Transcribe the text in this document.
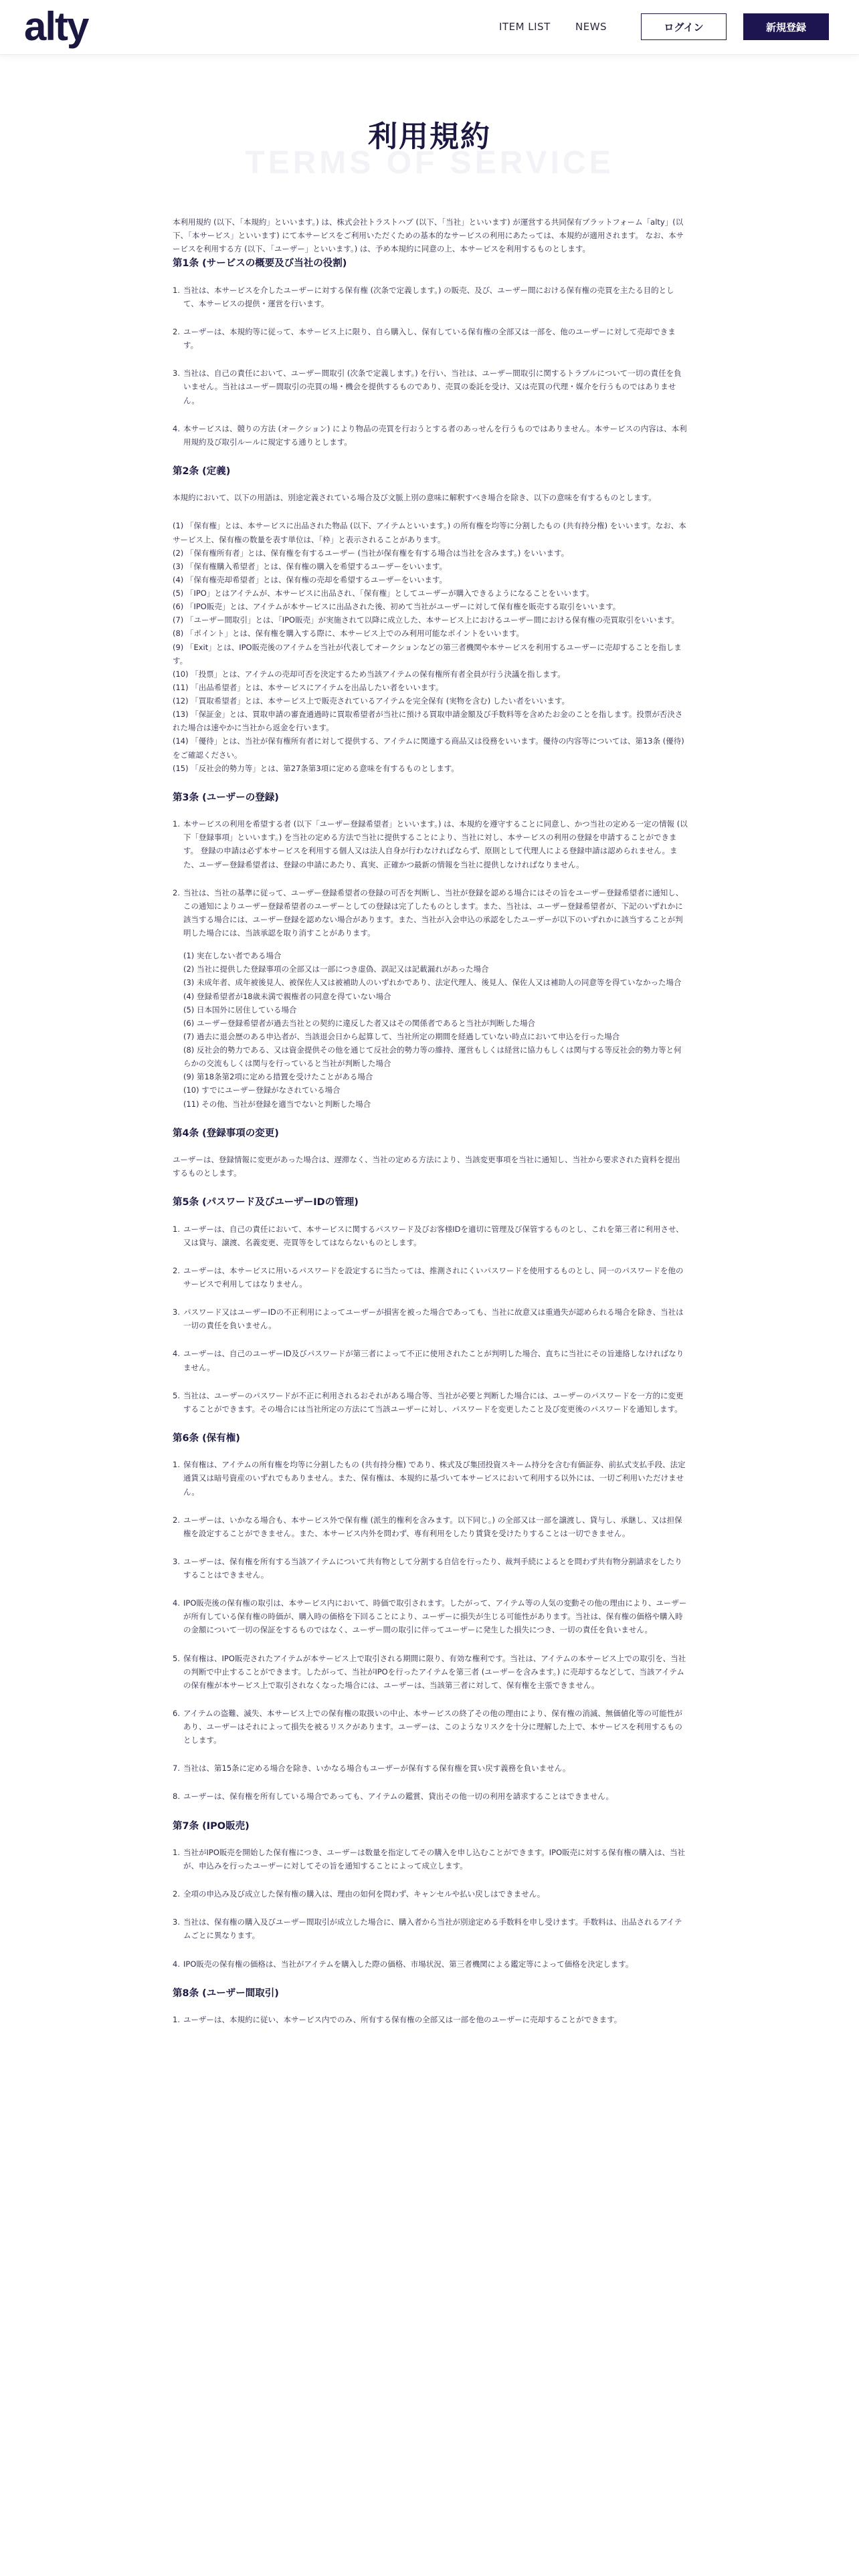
alty	ITEM LIST NEWS	ログイン	新規登録
TERMS OF SERVICE
利用規約

本利用規約 (以下、「本規約」といいます。) は、株式会社トラストハブ (以下、「当社」といいます) が運営する共同保有プラットフォーム「alty」(以下、「本サービス」といいます) にて本サービスをご利用いただくための基本的なサービスの利用にあたっては、本規約が適用されます。 なお、本サービスを利用する方 (以下、「ユーザー」といいます。) は、予め本規約に同意の上、本サービスを利用するものとします。

第1条 (サービスの概要及び当社の役割)
1. 当社は、本サービスを介したユーザーに対する保有権 (次条で定義します。) の販売、及び、ユーザー間における保有権の売買を主たる目的として、本サービスの提供・運営を行います。

2. ユーザーは、本規約等に従って、本サービス上に限り、自ら購入し、保有している保有権の全部又は一部を、他のユーザーに対して売却できます。

3. 当社は、自己の責任において、ユーザー間取引 (次条で定義します。) を行い、当社は、ユーザー間取引に関するトラブルについて一切の責任を負いません。当社はユーザー間取引の売買の場・機会を提供するものであり、売買の委託を受け、又は売買の代理・媒介を行うものではありません。

4. 本サービスは、競りの方法 (オークション) により物品の売買を行おうとする者のあっせんを行うものではありません。本サービスの内容は、本利用規約及び取引ルールに規定する通りとします。

第2条 (定義)

本規約において、以下の用語は、別途定義されている場合及び文脈上別の意味に解釈すべき場合を除き、以下の意味を有するものとします。

(1) 「保有権」とは、本サービスに出品された物品 (以下、アイテムといいます。) の所有権を均等に分割したもの (共有持分権) をいいます。なお、本サービス上、保有権の数量を表す単位は、「枠」と表示されることがあります。

(2) 「保有権所有者」とは、保有権を有するユーザー (当社が保有権を有する場合は当社を含みます。) をいいます。

(3) 「保有権購入希望者」とは、保有権の購入を希望するユーザーをいいます。

(4) 「保有権売却希望者」とは、保有権の売却を希望するユーザーをいいます。

(5) 「IPO」とはアイテムが、本サービスに出品され、「保有権」としてユーザーが購入できるようになることをいいます。

(6) 「IPO販売」とは、アイテムが本サービスに出品された後、初めて当社がユーザーに対して保有権を販売する取引をいいます。

(7) 「ユーザー間取引」とは、「IPO販売」が実施されて以降に成立した、本サービス上におけるユーザー間における保有権の売買取引をいいます。

(8) 「ポイント」とは、保有権を購入する際に、本サービス上でのみ利用可能なポイントをいいます。

(9) 「Exit」とは、IPO販売後のアイテムを当社が代表してオークションなどの第三者機関や本サービスを利用するユーザーに売却することを指します。

(10) 「投票」とは、アイテムの売却可否を決定するため当該アイテムの保有権所有者全員が行う決議を指します。

(11) 「出品希望者」とは、本サービスにアイテムを出品したい者をいいます。

(12) 「買取希望者」とは、本サービス上で販売されているアイテムを完全保有 (実物を含む) したい者をいいます。

(13) 「保証金」とは、買取申請の審査通過時に買取希望者が当社に預ける買取申請金額及び手数料等を含めたお金のことを指します。投票が否決された場合は速やかに当社から返金を行います。

(14) 「優待」とは、当社が保有権所有者に対して提供する、アイテムに関連する商品又は役務をいいます。優待の内容等については、第13条 (優待) をご確認ください。

(15) 「反社会的勢力等」とは、第27条第3項に定める意味を有するものとします。

第3条 (ユーザーの登録)
1. 本サービスの利用を希望する者 (以下「ユーザー登録希望者」といいます。) は、本規約を遵守することに同意し、かつ当社の定める一定の情報 (以下「登録事項」といいます。) を当社の定める方法で当社に提供することにより、当社に対し、本サービスの利用の登録を申請することができます。 登録の申請は必ず本サービスを利用する個人又は法人自身が行わなければならず、原則として代理人による登録申請は認められません。また、ユーザー登録希望者は、登録の申請にあたり、真実、正確かつ最新の情報を当社に提供しなければなりません。

2. 当社は、当社の基準に従って、ユーザー登録希望者の登録の可否を判断し、当社が登録を認める場合にはその旨をユーザー登録希望者に通知し、この通知によりユーザー登録希望者のユーザーとしての登録は完了したものとします。また、当社は、ユーザー登録希望者が、下記のいずれかに該当する場合には、ユーザー登録を認めない場合があります。また、当社が入会申込の承認をしたユーザーが以下のいずれかに該当することが判明した場合には、当該承認を取り消すことがあります。

(1) 実在しない者である場合

(2) 当社に提供した登録事項の全部又は一部につき虚偽、誤記又は記載漏れがあった場合

(3) 未成年者、成年被後見人、被保佐人又は被補助人のいずれかであり、法定代理人、後見人、保佐人又は補助人の同意等を得ていなかった場合

(4) 登録希望者が18歳未満で親権者の同意を得ていない場合

(5) 日本国外に居住している場合

(6) ユーザー登録希望者が過去当社との契約に違反した者又はその関係者であると当社が判断した場合

(7) 過去に退会歴のある申込者が、当該退会日から起算して、当社所定の期間を経過していない時点において申込を行った場合

(8) 反社会的勢力である、又は資金提供その他を通じて反社会的勢力等の維持、運営もしくは経営に協力もしくは関与する等反社会的勢力等と何らかの交流もしくは関与を行っていると当社が判断した場合

(9) 第18条第2項に定める措置を受けたことがある場合

(10) すでにユーザー登録がなされている場合

(11) その他、当社が登録を適当でないと判断した場合

第4条 (登録事項の変更)

ユーザーは、登録情報に変更があった場合は、遅滞なく、当社の定める方法により、当該変更事項を当社に通知し、当社から要求された資料を提出するものとします。

第5条 (パスワード及びユーザーIDの管理)
1. ユーザーは、自己の責任において、本サービスに関するパスワード及びお客様IDを適切に管理及び保管するものとし、これを第三者に利用させ、又は貸与、譲渡、名義変更、売買等をしてはならないものとします。

2. ユーザーは、本サービスに用いるパスワードを設定するに当たっては、推測されにくいパスワードを使用するものとし、同一のパスワードを他のサービスで利用してはなりません。

3. パスワード又はユーザーIDの不正利用によってユーザーが損害を被った場合であっても、当社に故意又は重過失が認められる場合を除き、当社は一切の責任を負いません。

4. ユーザーは、自己のユーザーID及びパスワードが第三者によって不正に使用されたことが判明した場合、直ちに当社にその旨連絡しなければなりません。

5. 当社は、ユーザーのパスワードが不正に利用されるおそれがある場合等、当社が必要と判断した場合には、ユーザーのパスワードを一方的に変更することができます。その場合には当社所定の方法にて当該ユーザーに対し、パスワードを変更したこと及び変更後のパスワードを通知します。

第6条 (保有権)
1. 保有権は、アイテムの所有権を均等に分割したもの (共有持分権) であり、株式及び集団投資スキーム持分を含む有価証券、前払式支払手段、法定通貨又は暗号資産のいずれでもありません。また、保有権は、本規約に基づいて本サービスにおいて利用する以外には、一切ご利用いただけません。

2. ユーザーは、いかなる場合も、本サービス外で保有権 (派生的権利を含みます。以下同じ。) の全部又は一部を譲渡し、貸与し、承継し、又は担保権を設定することができません。また、本サービス内外を問わず、専有利用をしたり賃貸を受けたりすることは一切できません。

3. ユーザーは、保有権を所有する当該アイテムについて共有物として分割する自信を行ったり、裁判手続によるとを問わず共有物分割請求をしたりすることはできません。

4. IPO販売後の保有権の取引は、本サービス内において、時価で取引されます。したがって、アイテム等の人気の変動その他の理由により、ユーザーが所有している保有権の時価が、購入時の価格を下回ることにより、ユーザーに損失が生じる可能性があります。当社は、保有権の価格や購入時の金額について一切の保証をするものではなく、ユーザー間の取引に伴ってユーザーに発生した損失につき、一切の責任を負いません。

5. 保有権は、IPO販売されたアイテムが本サービス上で取引される期間に限り、有効な権利です。当社は、アイテムの本サービス上での取引を、当社の判断で中止することができます。したがって、当社がIPOを行ったアイテムを第三者 (ユーザーを含みます。) に売却するなどして、当該アイテムの保有権が本サービス上で取引されなくなった場合には、ユーザーは、当該第三者に対して、保有権を主張できません。

6. アイテムの盗難、滅失、本サービス上での保有権の取扱いの中止、本サービスの終了その他の理由により、保有権の消滅、無価値化等の可能性があり、ユーザーはそれによって損失を被るリスクがあります。ユーザーは、このようなリスクを十分に理解した上で、本サービスを利用するものとします。

7. 当社は、第15条に定める場合を除き、いかなる場合もユーザーが保有する保有権を買い戻す義務を負いません。

8. ユーザーは、保有権を所有している場合であっても、アイテムの鑑賞、貸出その他一切の利用を請求することはできません。

第7条 (IPO販売)
1. 当社がIPO販売を開始した保有権につき、ユーザーは数量を指定してその購入を申し込むことができます。IPO販売に対する保有権の購入は、当社が、申込みを行ったユーザーに対してその旨を通知することによって成立します。

2. 全項の申込み及び成立した保有権の購入は、理由の如何を問わず、キャンセルや払い戻しはできません。

3. 当社は、保有権の購入及びユーザー間取引が成立した場合に、購入者から当社が別途定める手数料を申し受けます。手数料は、出品されるアイテムごとに異なります。

4. IPO販売の保有権の価格は、当社がアイテムを購入した際の価格、市場状況、第三者機関による鑑定等によって価格を決定します。

第8条 (ユーザー間取引)
1. ユーザーは、本規約に従い、本サービス内でのみ、所有する保有権の全部又は一部を他のユーザーに売却することができます。
